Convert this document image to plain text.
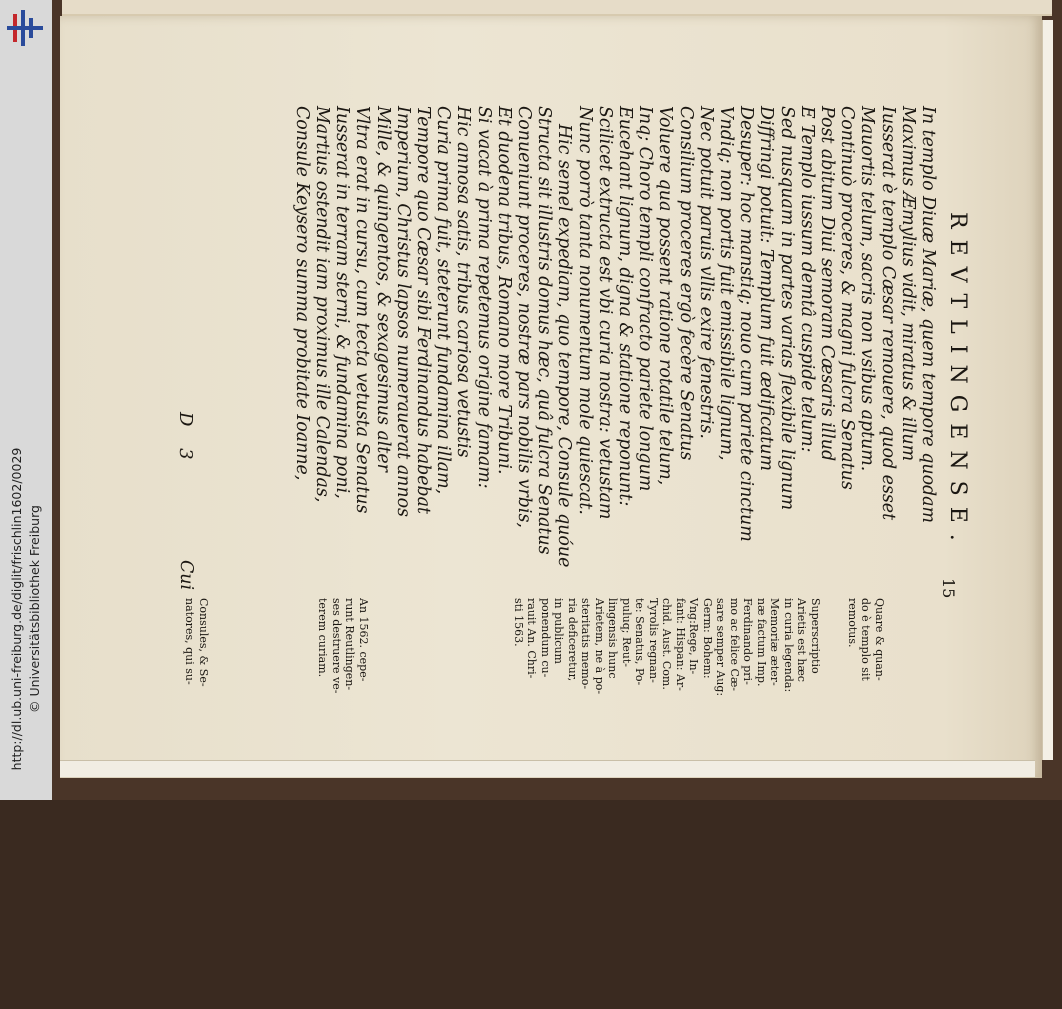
http://dl.ub.uni-freiburg.de/diglit/frischlin1602/0029 © Universitätsbibliothek Freiburg
REVTLINGENSE.
15
In templo Diuæ Mariæ, quem tempore quodam
Maximus Æmylius vidit, miratus & illum
Iusserat è templo Cæsar remouere, quod esset
Mauortis telum, sacris non vsibus aptum.
Continuò proceres, & magni fulcra Senatus
Post abitum Diui semoram Cæsaris illud
E Templo iussum demtâ cuspide telum:
Sed nusquam in partes varias flexibile lignum
Diffringi potuit: Templum fuit ædificatum
Desuper: hoc manstiq; nouo cum pariete cinctum
Vndiq; non portis fuit emissibile lignum,
Nec potuit paruis vllis exire fenestris.
Consilium proceres ergò fecère Senatus
Voluere qua possent ratione rotatile telum,
Inq; Choro templi confracto pariete longum
Eucehant lignum, digna & statione reponunt:
Scilicet extructa est vbi curia nostra: vetustam
Nunc porrò tanta nonumentum mole quiescat.
Hic semel expediam, quo tempore, Consule quóue
Structa sit illustris domus hæc, quâ fulcra Senatus
Conueniunt proceres, nostræ pars nobilis vrbis,
Et duodena tribus, Romano more Tribuni.
Si vacat à prima repetemus origine famam:
Hic annosa satis, tribus cariosa vetustis
Curia prima fuit, steterunt fundamina illam,
Tempore quo Cæsar sibi Ferdinandus habebat
Imperium, Christus lapsos numerauerat annos
Mille, & quingentos, & sexagesimus alter
Vltra erat in cursu, cum tecta vetusta Senatus
Iusserat in terram sterni, & fundamina poni,
Martius ostendit iam proximus ille Calendas,
Consule Keysero summa probitate Ioanne,
Quare & quan-
do è templo sit
remotus.
Superscriptio
Arietis est hæc
in curia legenda:
Memoriæ æter-
næ factum Imp.
Ferdinando pri-
mo ac felice Cæ-
sare semper Aug:
Germ: Bohem:
Vng:Rege, In-
fant: Hispan: Ar-
chid. Aust. Com.
Tyrolis regnan-
te: Senatus, Po-
puluq; Reut-
lingensis hunc
Arietem, ne à po-
steritatis memo-
ria deficeretur,
in publicum
ponendum cu-
rauit An. Chri-
sti 1563.
An 1562. cepe-
runt Reutlingen-
ses destruere ve-
terem curiam.
Consules, & Se-
natores, qui su-
D 3
Cui
